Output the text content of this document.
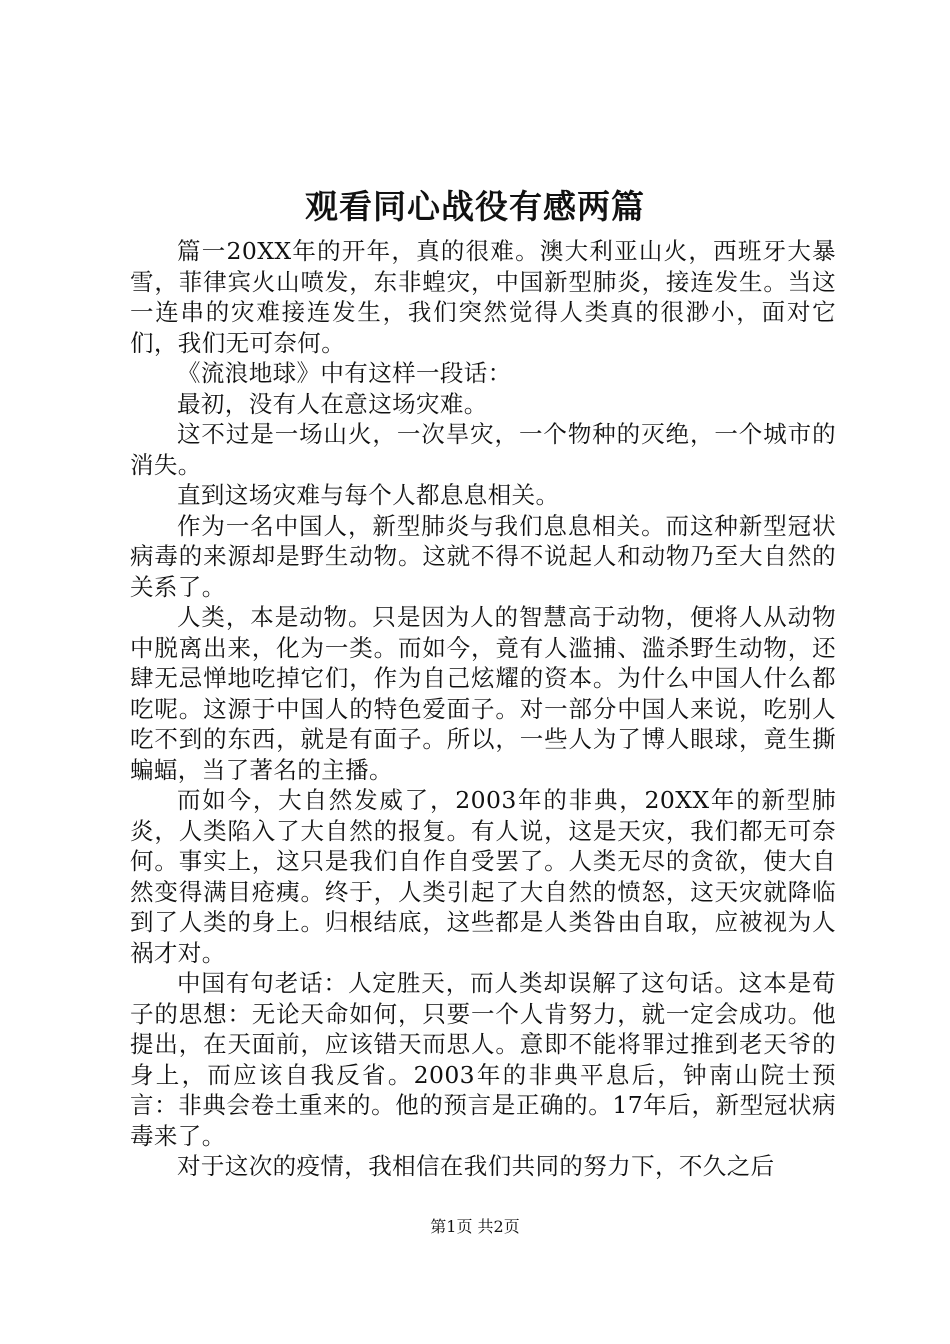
观看同心战役有感两篇

篇一20XX年的开年，真的很难。澳大利亚山火，西班牙大暴雪，菲律宾火山喷发，东非蝗灾，中国新型肺炎，接连发生。当这一连串的灾难接连发生，我们突然觉得人类真的很渺小，面对它们，我们无可奈何。

《流浪地球》中有这样一段话：

最初，没有人在意这场灾难。

这不过是一场山火，一次旱灾，一个物种的灭绝，一个城市的消失。

直到这场灾难与每个人都息息相关。

作为一名中国人，新型肺炎与我们息息相关。而这种新型冠状病毒的来源却是野生动物。这就不得不说起人和动物乃至大自然的关系了。

人类，本是动物。只是因为人的智慧高于动物，便将人从动物中脱离出来，化为一类。而如今，竟有人滥捕、滥杀野生动物，还肆无忌惮地吃掉它们，作为自己炫耀的资本。为什么中国人什么都吃呢。这源于中国人的特色爱面子。对一部分中国人来说，吃别人吃不到的东西，就是有面子。所以，一些人为了博人眼球，竟生撕蝙蝠，当了著名的主播。

而如今，大自然发威了，2003年的非典，20XX年的新型肺炎，人类陷入了大自然的报复。有人说，这是天灾，我们都无可奈何。事实上，这只是我们自作自受罢了。人类无尽的贪欲，使大自然变得满目疮痍。终于，人类引起了大自然的愤怒，这天灾就降临到了人类的身上。归根结底，这些都是人类咎由自取，应被视为人祸才对。

中国有句老话：人定胜天，而人类却误解了这句话。这本是荀子的思想：无论天命如何，只要一个人肯努力，就一定会成功。他提出，在天面前，应该错天而思人。意即不能将罪过推到老天爷的身上，而应该自我反省。2003年的非典平息后，钟南山院士预言：非典会卷土重来的。他的预言是正确的。17年后，新型冠状病毒来了。

对于这次的疫情，我相信在我们共同的努力下，不久之后

第1页 共2页
